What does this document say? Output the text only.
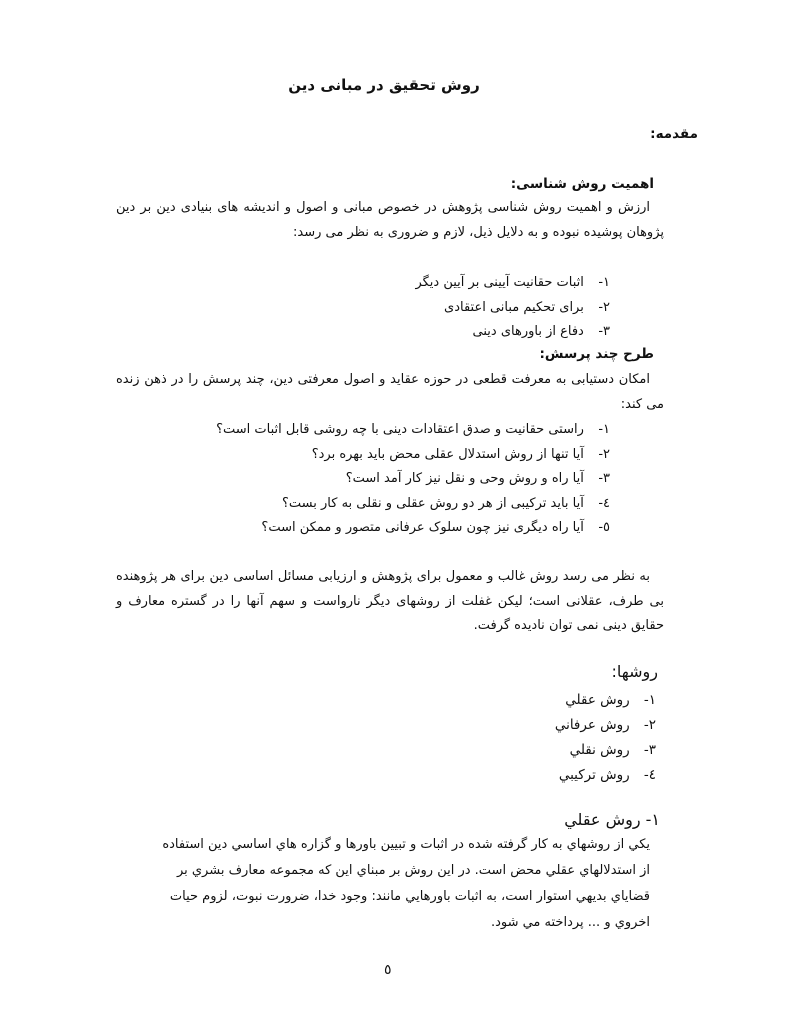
روش تحقيق در مبانی دين
مقدمه:
اهميت روش شناسی:
ارزش و اهميت روش شناسی پژوهش در خصوص مبانی و اصول و انديشه های بنيادی دين بر دين پژوهان پوشيده نبوده و به دلايل ذيل، لازم و ضروری به نظر می رسد:
١- اثبات حقانيت آيينی بر آيين ديگر
٢- برای تحکيم مبانی اعتقادی
٣- دفاع از باورهای دينی
طرح چند پرسش:
امکان دستيابی به معرفت قطعی در حوزه عقايد و اصول معرفتی دين، چند پرسش را در ذهن زنده می کند:
١- راستی حقانيت و صدق اعتقادات دينی با چه روشی قابل اثبات است؟
٢- آيا تنها از روش استدلال عقلی محض بايد بهره برد؟
٣- آيا راه و روش وحی و نقل نيز کار آمد است؟
٤- آيا بايد ترکيبی از هر دو روش عقلی و نقلی به کار بست؟
٥- آيا راه ديگری نيز چون سلوک عرفانی متصور و ممکن است؟
به نظر می رسد روش غالب و معمول برای پژوهش و ارزيابی مسائل اساسی دين برای هر پژوهنده بی طرف، عقلانی است؛ ليکن غفلت از روشهای ديگر نارواست و سهم آنها را در گستره معارف و حقايق دينی نمی توان ناديده گرفت.
روشها:
١- روش عقلي
٢- روش عرفاني
٣- روش نقلي
٤- روش ترکيبي
١- روش عقلي
يکي از روشهاي به کار گرفته شده در اثبات و تبيين باورها و گزاره هاي اساسي دين استفاده از استدلالهاي عقلي محض است. در اين روش بر مبناي اين که مجموعه معارف بشري بر قضاياي بديهي استوار است، به اثبات باورهايي مانند: وجود خدا، ضرورت نبوت، لزوم حيات اخروي و ... پرداخته مي شود.
٥
